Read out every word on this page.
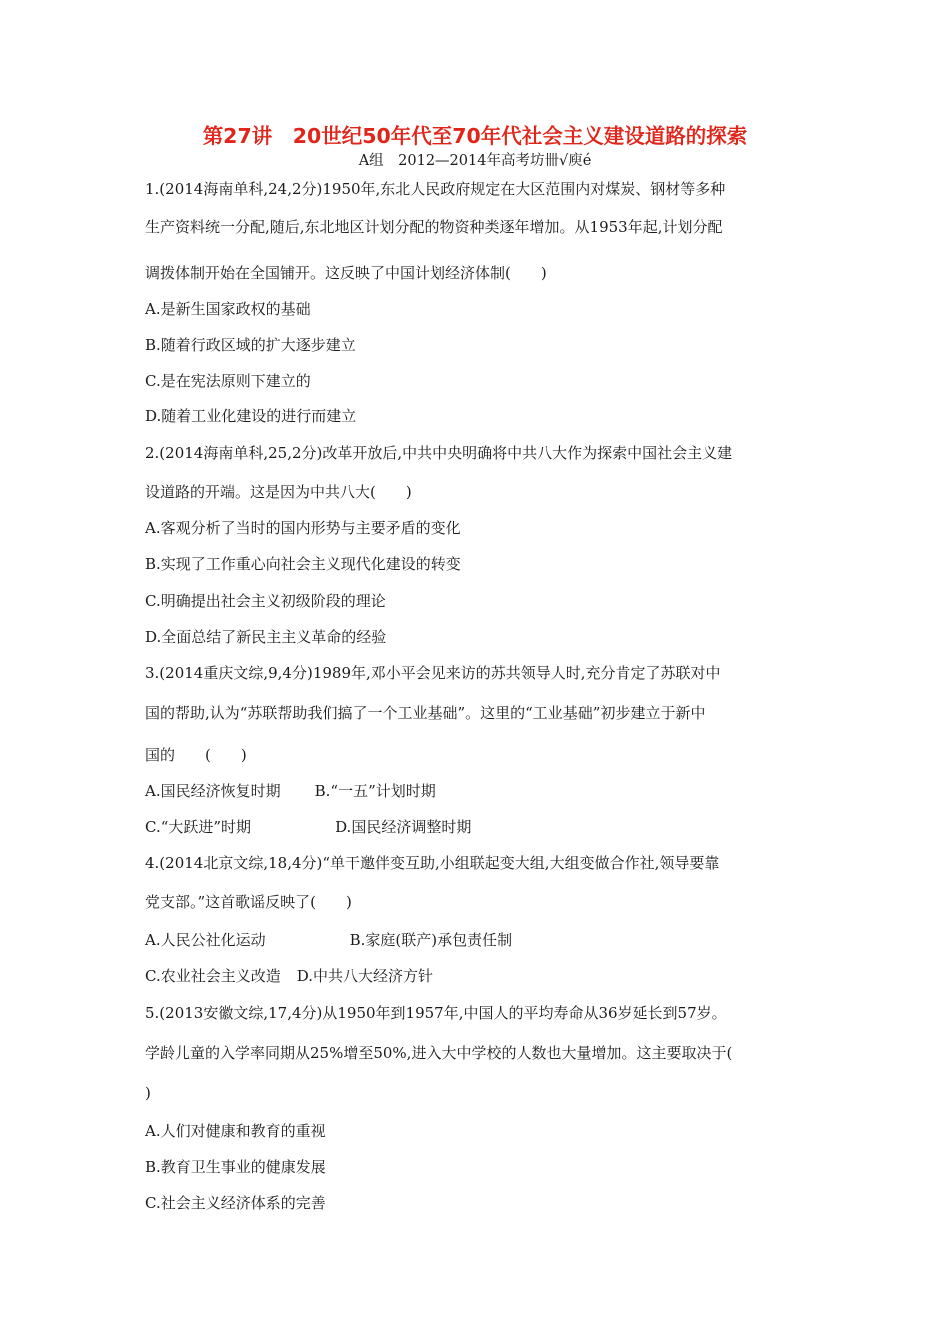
第27讲　20世纪50年代至70年代社会主义建设道路的探索
A组　2012—2014年高考坊卌√庾é
1.(2014海南单科,24,2分)1950年,东北人民政府规定在大区范围内对煤炭、钢材等多种
生产资料统一分配,随后,东北地区计划分配的物资种类逐年增加。从1953年起,计划分配
调拨体制开始在全国铺开。这反映了中国计划经济体制(　　)
A.是新生国家政权的基础
B.随着行政区域的扩大逐步建立
C.是在宪法原则下建立的
D.随着工业化建设的进行而建立
2.(2014海南单科,25,2分)改革开放后,中共中央明确将中共八大作为探索中国社会主义建
设道路的开端。这是因为中共八大(　　)
A.客观分析了当时的国内形势与主要矛盾的变化
B.实现了工作重心向社会主义现代化建设的转变
C.明确提出社会主义初级阶段的理论
D.全面总结了新民主主义革命的经验
3.(2014重庆文综,9,4分)1989年,邓小平会见来访的苏共领导人时,充分肯定了苏联对中
国的帮助,认为“苏联帮助我们搞了一个工业基础”。这里的“工业基础”初步建立于新中
国的　　(　　)
A.国民经济恢复时期 B.“一五”计划时期
C.“大跃进”时期	D.国民经济调整时期
4.(2014北京文综,18,4分)“单干邀伴变互助,小组联起变大组,大组变做合作社,领导要靠
党支部。”这首歌谣反映了(　　)
A.人民公社化运动	B.家庭(联产)承包责任制
C.农业社会主义改造 D.中共八大经济方针
5.(2013安徽文综,17,4分)从1950年到1957年,中国人的平均寿命从36岁延长到57岁。
学龄儿童的入学率同期从25%增至50%,进入大中学校的人数也大量增加。这主要取决于(
)
A.人们对健康和教育的重视
B.教育卫生事业的健康发展
C.社会主义经济体系的完善
